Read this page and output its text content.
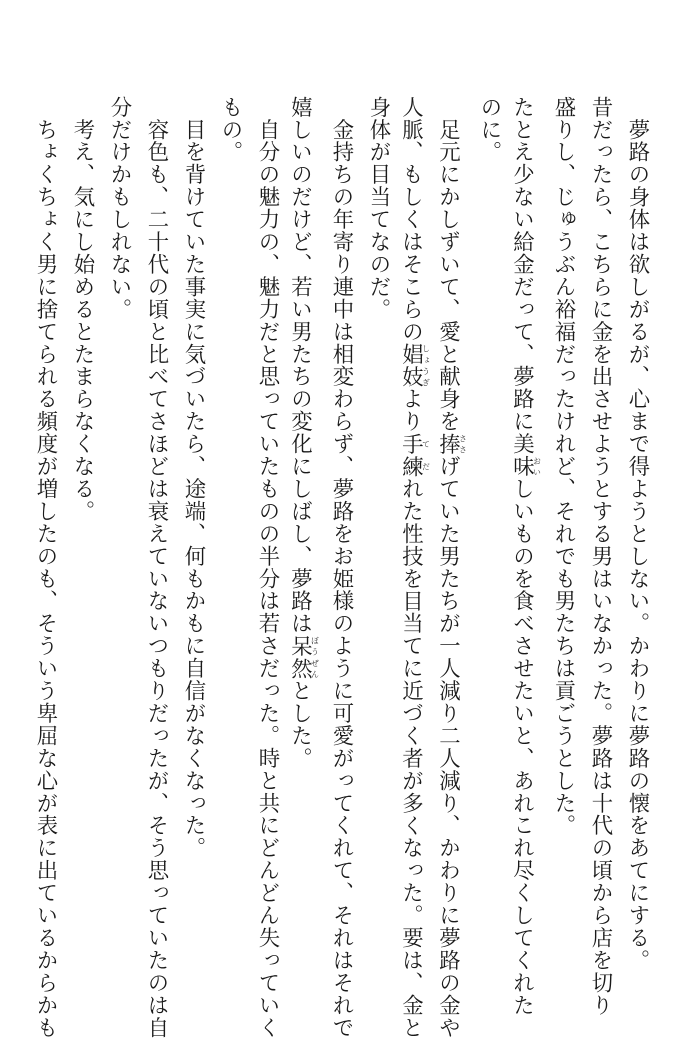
　夢路の身体は欲しがるが、心まで得ようとしない。かわりに夢路の懐をあてにする。
昔だったら、こちらに金を出させようとする男はいなかった。夢路は十代の頃から店を切り
盛りし、じゅうぶん裕福だったけれど、それでも男たちは貢ごうとした。
たとえ少ない給金だって、夢路に美味おいしいものを食べさせたいと、あれこれ尽くしてくれた
のに。
　足元にかしずいて、愛と献身を捧ささげていた男たちが一人減り二人減り、かわりに夢路の金や
人脈、もしくはそこらの娼妓しょうぎより手練てだれた性技を目当てに近づく者が多くなった。要は、金と
身体が目当てなのだ。
　金持ちの年寄り連中は相変わらず、夢路をお姫様のように可愛がってくれて、それはそれで
嬉しいのだけど、若い男たちの変化にしばし、夢路は呆然ぼうぜんとした。
　自分の魅力の、魅力だと思っていたものの半分は若さだった。時と共にどんどん失っていく
もの。
　目を背けていた事実に気づいたら、途端、何もかもに自信がなくなった。
　容色も、二十代の頃と比べてさほどは衰えていないつもりだったが、そう思っていたのは自
分だけかもしれない。
　考え、気にし始めるとたまらなくなる。
　ちょくちょく男に捨てられる頻度が増したのも、そういう卑屈な心が表に出ているからかも
